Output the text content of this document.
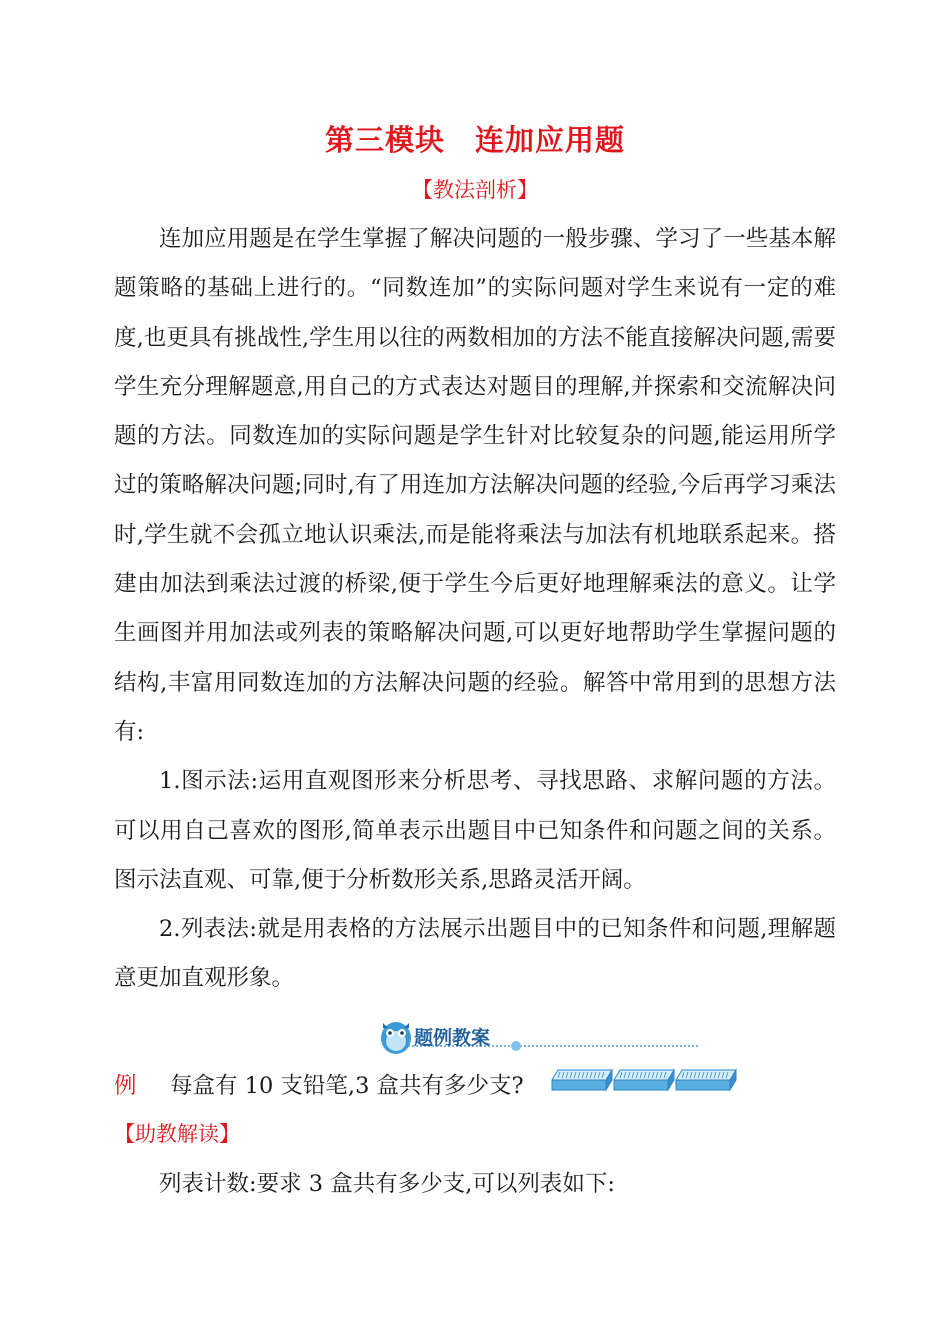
第三模块　连加应用题
【教法剖析】

连加应用题是在学生掌握了解决问题的一般步骤、学习了一些基本解题策略的基础上进行的。“同数连加”的实际问题对学生来说有一定的难度,也更具有挑战性,学生用以往的两数相加的方法不能直接解决问题,需要学生充分理解题意,用自己的方式表达对题目的理解,并探索和交流解决问题的方法。同数连加的实际问题是学生针对比较复杂的问题,能运用所学过的策略解决问题;同时,有了用连加方法解决问题的经验,今后再学习乘法时,学生就不会孤立地认识乘法,而是能将乘法与加法有机地联系起来。搭建由加法到乘法过渡的桥梁,便于学生今后更好地理解乘法的意义。让学生画图并用加法或列表的策略解决问题,可以更好地帮助学生掌握问题的结构,丰富用同数连加的方法解决问题的经验。解答中常用到的思想方法有:

1.图示法:运用直观图形来分析思考、寻找思路、求解问题的方法。可以用自己喜欢的图形,简单表示出题目中已知条件和问题之间的关系。图示法直观、可靠,便于分析数形关系,思路灵活开阔。

2.列表法:就是用表格的方法展示出题目中的已知条件和问题,理解题意更加直观形象。

题例教案
例 每盒有 10 支铅笔,3 盒共有多少支?
【助教解读】
列表计数:要求 3 盒共有多少支,可以列表如下:
